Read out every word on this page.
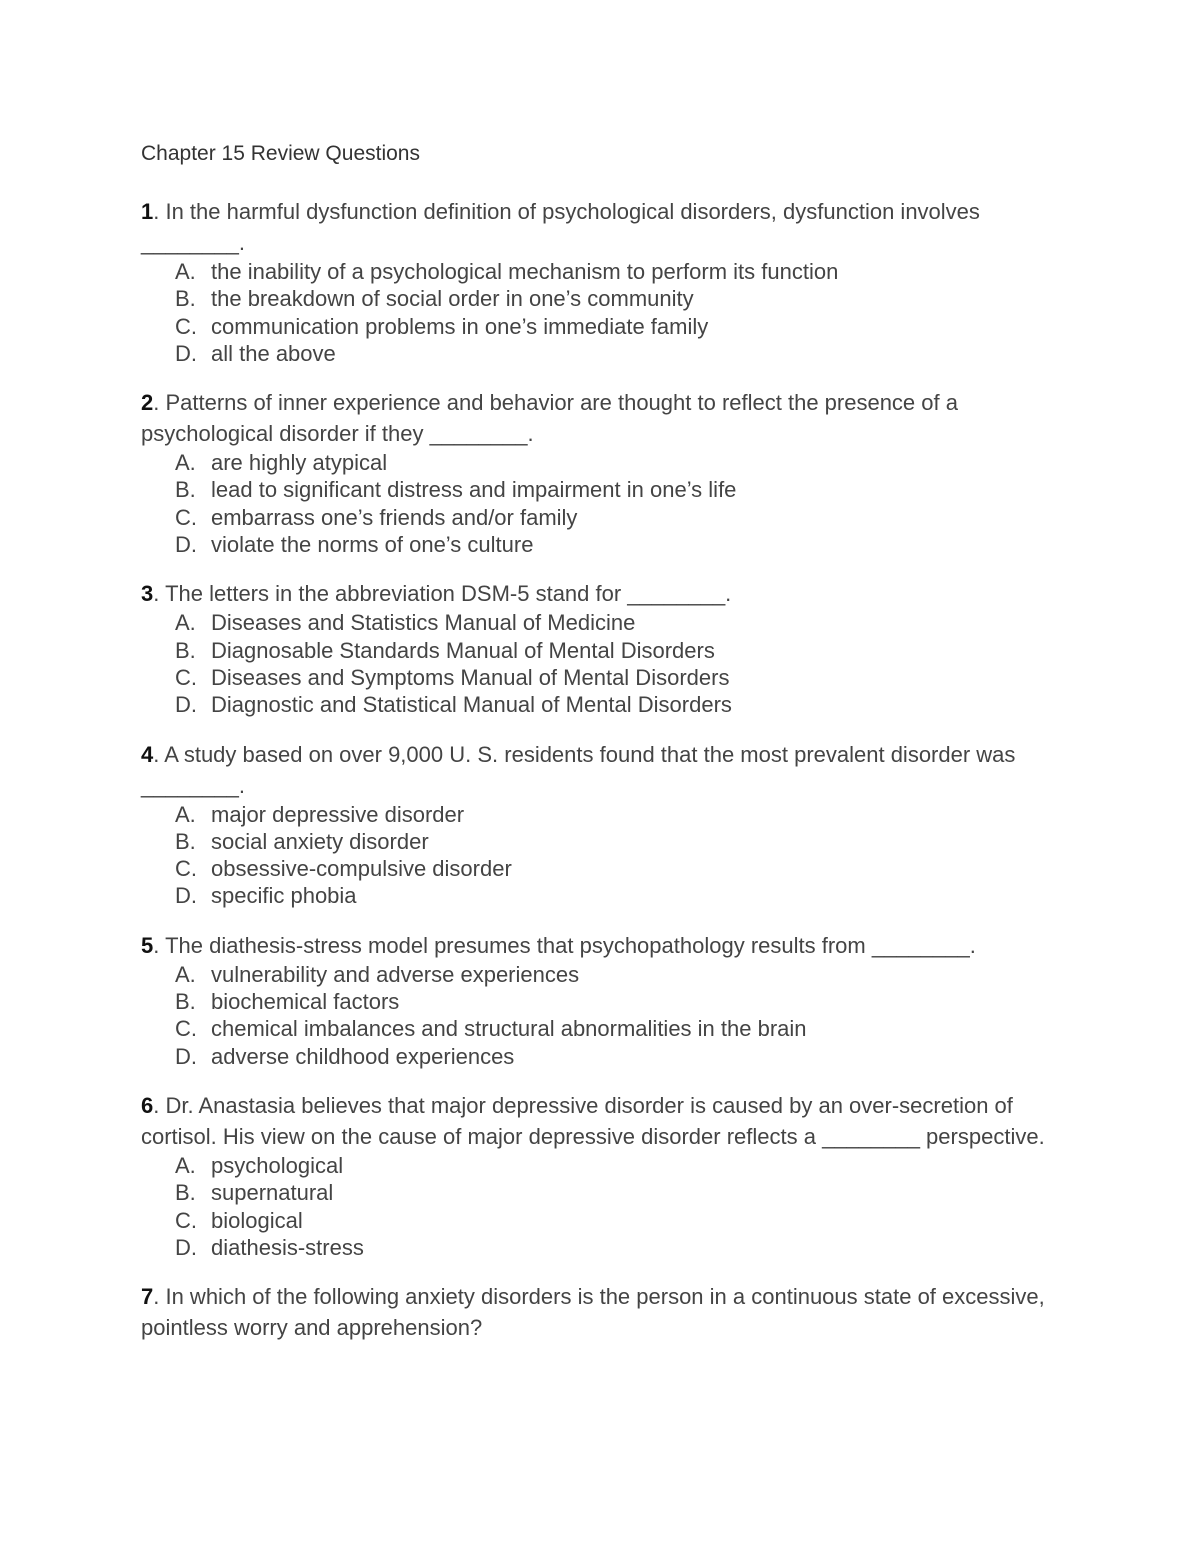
Chapter 15 Review Questions

1. In the harmful dysfunction definition of psychological disorders, dysfunction involves ________.

A. the inability of a psychological mechanism to perform its function
B. the breakdown of social order in one’s community
C. communication problems in one’s immediate family
D. all the above

2. Patterns of inner experience and behavior are thought to reflect the presence of a psychological disorder if they ________.

A. are highly atypical
B. lead to significant distress and impairment in one’s life
C. embarrass one’s friends and/or family
D. violate the norms of one’s culture

3. The letters in the abbreviation DSM-5 stand for ________.

A. Diseases and Statistics Manual of Medicine
B. Diagnosable Standards Manual of Mental Disorders
C. Diseases and Symptoms Manual of Mental Disorders
D. Diagnostic and Statistical Manual of Mental Disorders

4. A study based on over 9,000 U. S. residents found that the most prevalent disorder was ________.

A. major depressive disorder
B. social anxiety disorder
C. obsessive-compulsive disorder
D. specific phobia

5. The diathesis-stress model presumes that psychopathology results from ________.

A. vulnerability and adverse experiences
B. biochemical factors
C. chemical imbalances and structural abnormalities in the brain
D. adverse childhood experiences

6. Dr. Anastasia believes that major depressive disorder is caused by an over-secretion of cortisol. His view on the cause of major depressive disorder reflects a ________ perspective.

A. psychological
B. supernatural
C. biological
D. diathesis-stress

7. In which of the following anxiety disorders is the person in a continuous state of excessive, pointless worry and apprehension?
